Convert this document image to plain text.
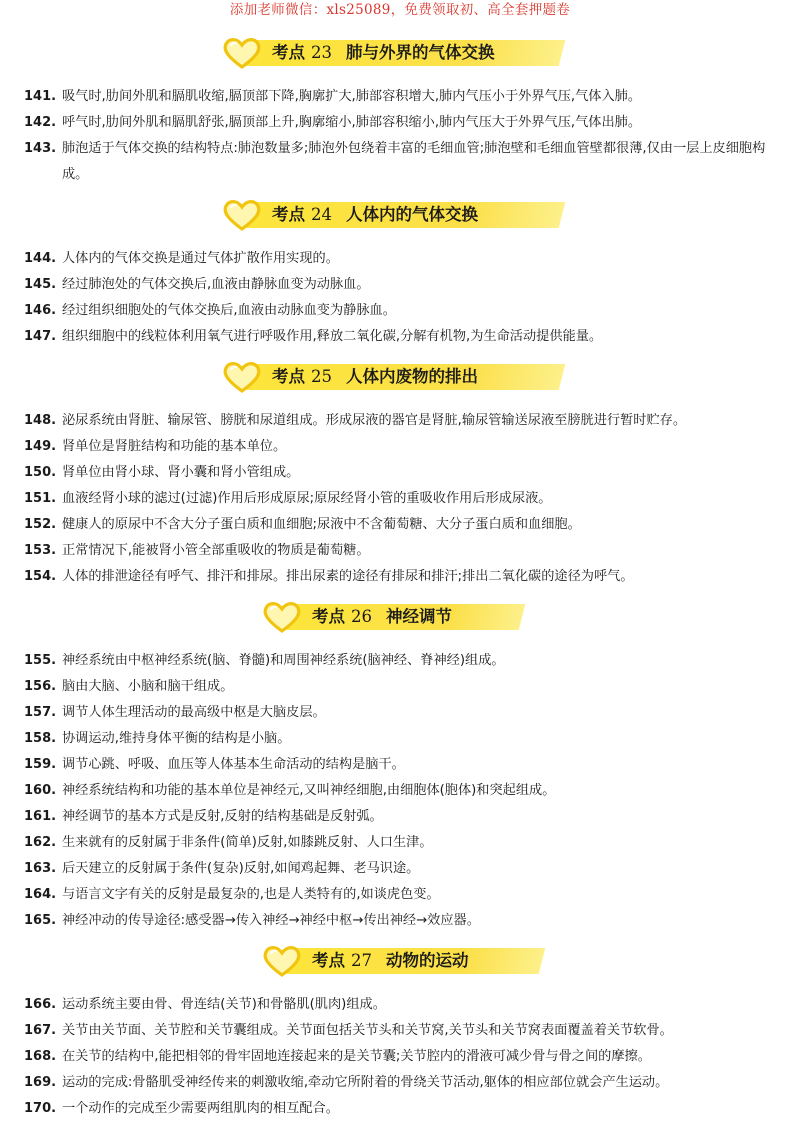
添加老师微信：xls25089，免费领取初、高全套押题卷
考点 23 肺与外界的气体交换
141. 吸气时,肋间外肌和膈肌收缩,膈顶部下降,胸廓扩大,肺部容积增大,肺内气压小于外界气压,气体入肺。
142. 呼气时,肋间外肌和膈肌舒张,膈顶部上升,胸廓缩小,肺部容积缩小,肺内气压大于外界气压,气体出肺。
143. 肺泡适于气体交换的结构特点:肺泡数量多;肺泡外包绕着丰富的毛细血管;肺泡壁和毛细血管壁都很薄,仅由一层上皮细胞构成。
考点 24 人体内的气体交换
144. 人体内的气体交换是通过气体扩散作用实现的。
145. 经过肺泡处的气体交换后,血液由静脉血变为动脉血。
146. 经过组织细胞处的气体交换后,血液由动脉血变为静脉血。
147. 组织细胞中的线粒体利用氧气进行呼吸作用,释放二氧化碳,分解有机物,为生命活动提供能量。
考点 25 人体内废物的排出
148. 泌尿系统由肾脏、输尿管、膀胱和尿道组成。形成尿液的器官是肾脏,输尿管输送尿液至膀胱进行暂时贮存。
149. 肾单位是肾脏结构和功能的基本单位。
150. 肾单位由肾小球、肾小囊和肾小管组成。
151. 血液经肾小球的滤过(过滤)作用后形成原尿;原尿经肾小管的重吸收作用后形成尿液。
152. 健康人的原尿中不含大分子蛋白质和血细胞;尿液中不含葡萄糖、大分子蛋白质和血细胞。
153. 正常情况下,能被肾小管全部重吸收的物质是葡萄糖。
154. 人体的排泄途径有呼气、排汗和排尿。排出尿素的途径有排尿和排汗;排出二氧化碳的途径为呼气。
考点 26 神经调节
155. 神经系统由中枢神经系统(脑、脊髓)和周围神经系统(脑神经、脊神经)组成。
156. 脑由大脑、小脑和脑干组成。
157. 调节人体生理活动的最高级中枢是大脑皮层。
158. 协调运动,维持身体平衡的结构是小脑。
159. 调节心跳、呼吸、血压等人体基本生命活动的结构是脑干。
160. 神经系统结构和功能的基本单位是神经元,又叫神经细胞,由细胞体(胞体)和突起组成。
161. 神经调节的基本方式是反射,反射的结构基础是反射弧。
162. 生来就有的反射属于非条件(简单)反射,如膝跳反射、人口生津。
163. 后天建立的反射属于条件(复杂)反射,如闻鸡起舞、老马识途。
164. 与语言文字有关的反射是最复杂的,也是人类特有的,如谈虎色变。
165. 神经冲动的传导途径:感受器→传入神经→神经中枢→传出神经→效应器。
考点 27 动物的运动
166. 运动系统主要由骨、骨连结(关节)和骨骼肌(肌肉)组成。
167. 关节由关节面、关节腔和关节囊组成。关节面包括关节头和关节窝,关节头和关节窝表面覆盖着关节软骨。
168. 在关节的结构中,能把相邻的骨牢固地连接起来的是关节囊;关节腔内的滑液可减少骨与骨之间的摩擦。
169. 运动的完成:骨骼肌受神经传来的刺激收缩,牵动它所附着的骨绕关节活动,躯体的相应部位就会产生运动。
170. 一个动作的完成至少需要两组肌肉的相互配合。
